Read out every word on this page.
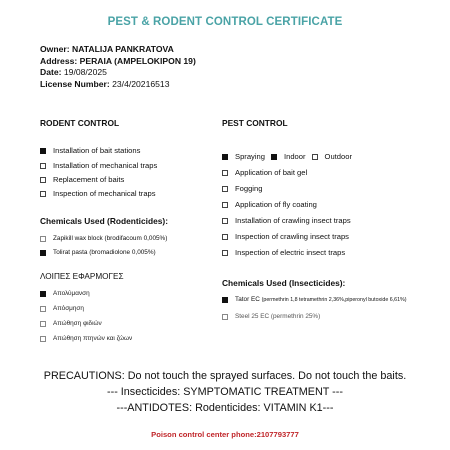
PEST & RODENT CONTROL CERTIFICATE
Owner: NATALIJA PANKRATOVA
Address: PERAIA (AMPELOKIPON 19)
Date: 19/08/2025
License Number: 23/4/20216513
RODENT CONTROL
Installation of bait stations
Installation of mechanical traps
Replacement of baits
Inspection of mechanical traps
Chemicals Used (Rodenticides):
Zapikill wax block (brodifacoum 0,005%)
Tolirat pasta (bromadiolone 0,005%)
ΛΟΙΠΕΣ ΕΦΑΡΜΟΓΕΣ
Απολύμανση
Απόσμηση
Απώθηση φιδιών
Απώθηση πτηνών και ζώων
PEST CONTROL
Spraying	Indoor	Outdoor
Application of bait gel
Fogging
Application of fly coating
Installation of crawling insect traps
Inspection of crawling insect traps
Inspection of electric insect traps
Chemicals Used (Insecticides):
Tator EC
(permethrin 1,8 tetramethrin 2,36%,piperonyl butoxide 6,61%)
Steel 25 EC (permethrin 25%)
PRECAUTIONS: Do not touch the sprayed surfaces. Do not touch the baits.
--- Insecticides: SYMPTOMATIC TREATMENT ---
---ANTIDOTES: Rodenticides: VITAMIN K1---
Poison control center phone:2107793777
